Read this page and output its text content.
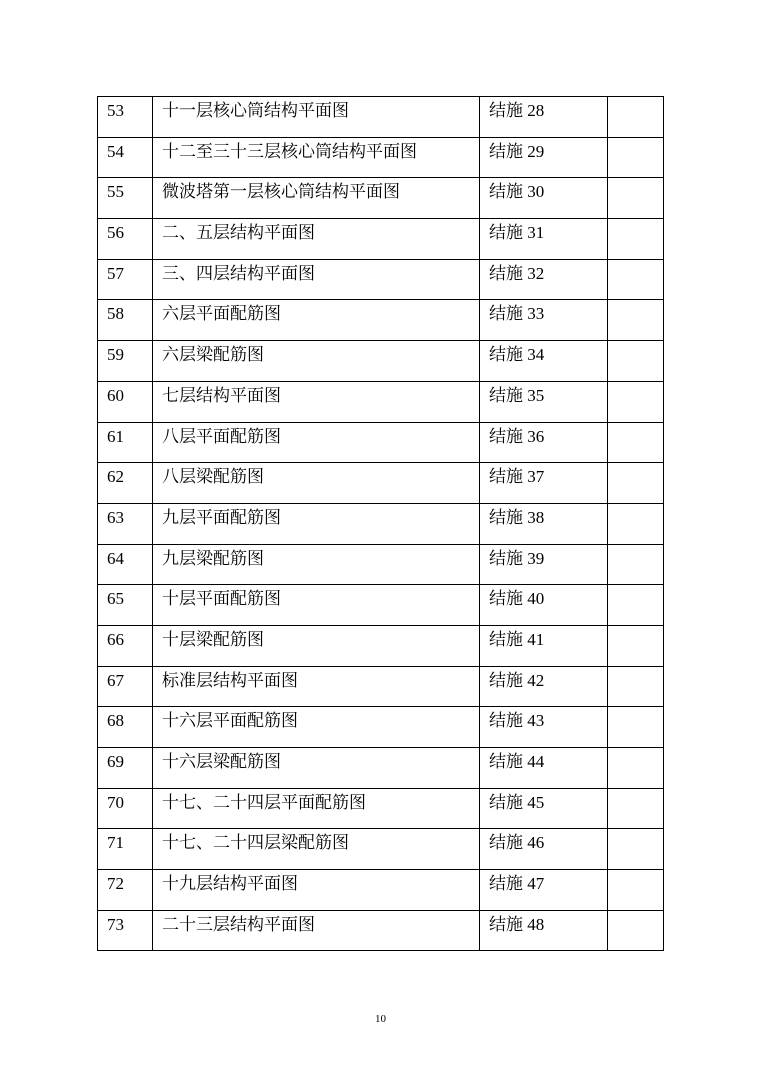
53	十一层核心筒结构平面图	结施 28	
54	十二至三十三层核心筒结构平面图	结施 29	
55	微波塔第一层核心筒结构平面图	结施 30	
56	二、五层结构平面图	结施 31	
57	三、四层结构平面图	结施 32	
58	六层平面配筋图	结施 33	
59	六层梁配筋图	结施 34	
60	七层结构平面图	结施 35	
61	八层平面配筋图	结施 36	
62	八层梁配筋图	结施 37	
63	九层平面配筋图	结施 38	
64	九层梁配筋图	结施 39	
65	十层平面配筋图	结施 40	
66	十层梁配筋图	结施 41	
67	标准层结构平面图	结施 42	
68	十六层平面配筋图	结施 43	
69	十六层梁配筋图	结施 44	
70	十七、二十四层平面配筋图	结施 45	
71	十七、二十四层梁配筋图	结施 46	
72	十九层结构平面图	结施 47	
73	二十三层结构平面图	结施 48	
10
